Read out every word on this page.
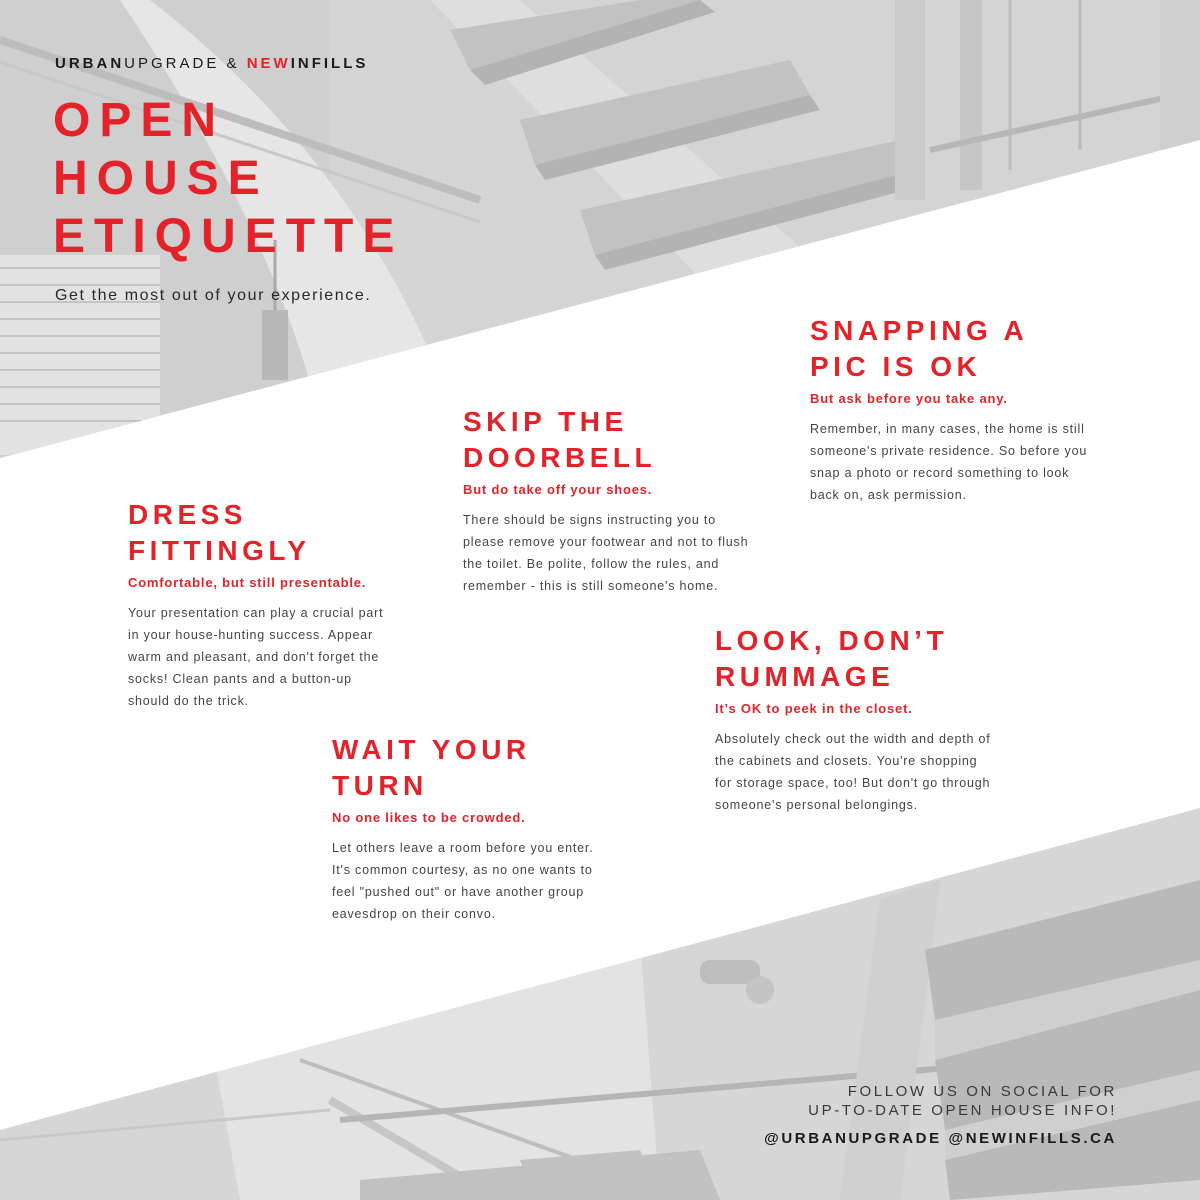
URBANUPGRADE & NEWINFILLS
OPEN
HOUSE
ETIQUETTE
Get the most out of your experience.
DRESS
FITTINGLY
Comfortable, but still presentable.
Your presentation can play a crucial part
in your house-hunting success. Appear
warm and pleasant, and don't forget the
socks! Clean pants and a button-up
should do the trick.
SKIP THE
DOORBELL
But do take off your shoes.
There should be signs instructing you to
please remove your footwear and not to flush
the toilet. Be polite, follow the rules, and
remember - this is still someone's home.
SNAPPING A
PIC IS OK
But ask before you take any.
Remember, in many cases, the home is still
someone's private residence. So before you
snap a photo or record something to look
back on, ask permission.
WAIT YOUR
TURN
No one likes to be crowded.
Let others leave a room before you enter.
It's common courtesy, as no one wants to
feel "pushed out" or have another group
eavesdrop on their convo.
LOOK, DON’T
RUMMAGE
It’s OK to peek in the closet.
Absolutely check out the width and depth of
the cabinets and closets. You're shopping
for storage space, too! But don't go through
someone's personal belongings.
FOLLOW US ON SOCIAL FOR
UP-TO-DATE OPEN HOUSE INFO!
@URBANUPGRADE @NEWINFILLS.CA
